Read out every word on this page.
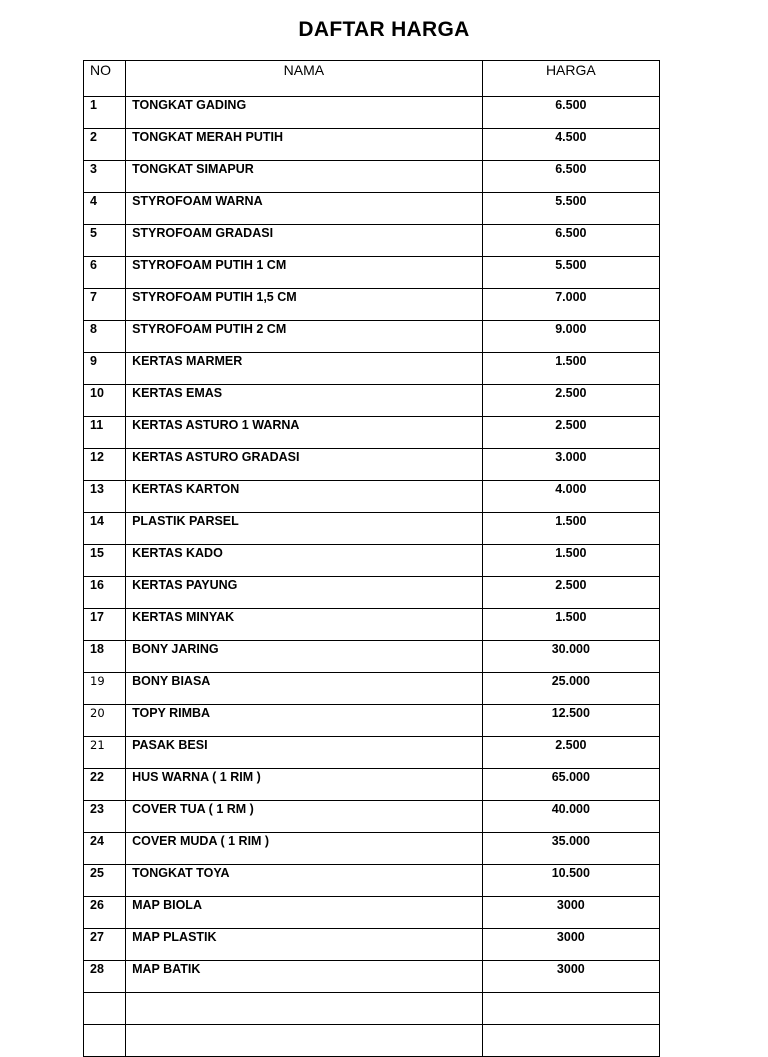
DAFTAR HARGA
NO	NAMA	HARGA
1	TONGKAT GADING	6.500
2	TONGKAT MERAH PUTIH	4.500
3	TONGKAT SIMAPUR	6.500
4	STYROFOAM WARNA	5.500
5	STYROFOAM GRADASI	6.500
6	STYROFOAM PUTIH 1 CM	5.500
7	STYROFOAM PUTIH 1,5 CM	7.000
8	STYROFOAM PUTIH 2 CM	9.000
9	KERTAS MARMER	1.500
10	KERTAS EMAS	2.500
11	KERTAS ASTURO 1 WARNA	2.500
12	KERTAS ASTURO GRADASI	3.000
13	KERTAS KARTON	4.000
14	PLASTIK PARSEL	1.500
15	KERTAS KADO	1.500
16	KERTAS PAYUNG	2.500
17	KERTAS MINYAK	1.500
18	BONY JARING	30.000
19	BONY BIASA	25.000
20	TOPY RIMBA	12.500
21	PASAK BESI	2.500
22	HUS WARNA ( 1 RIM )	65.000
23	COVER TUA ( 1 RM )	40.000
24	COVER MUDA ( 1 RIM )	35.000
25	TONGKAT TOYA	10.500
26	MAP BIOLA	3000
27	MAP PLASTIK	3000
28	MAP BATIK	3000
